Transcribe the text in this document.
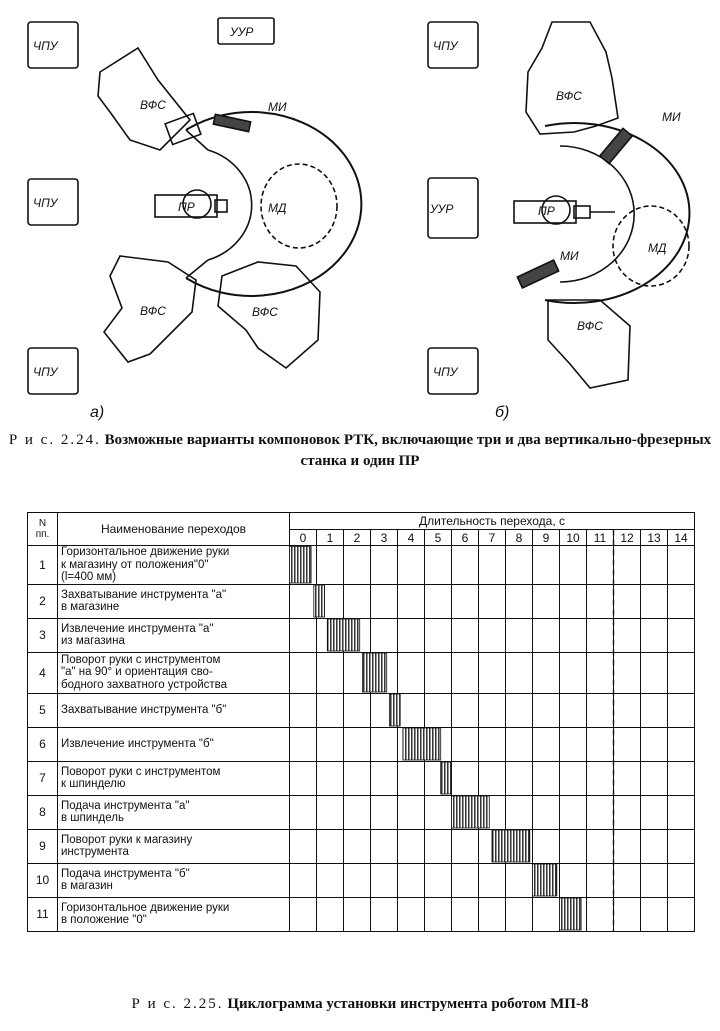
ЧПУ
ЧПУ
ЧПУ
УУР
ВФС
ВФС	ВФС
МИ
ПР	МД
а)
ЧПУ
УУР
ЧПУ
ВФС
ВФС
МИ
МИ
ПР
МД
б)
Р и с. 2.24. Возможные варианты компоновок РТК, включающие три и два вертикально-фрезерных станка и один ПР
N
пп.	Наименование переходов	Длительность перехода, с														
		0	1	2	3	4	5	6	7	8	9	10	11	12	13	14
1	Горизонтальное движение руки
к магазину от положения"0"
(l=400 мм)															
2	Захватывание инструмента "а"
в магазине															
3	Извлечение инструмента "а"
из магазина															
4	Поворот руки с инструментом
"а" на 90° и ориентация сво-
бодного захватного устройства															
5	Захватывание инструмента "б"															
6	Извлечение инструмента "б"															
7	Поворот руки с инструментом
к шпинделю															
8	Подача инструмента "а"
в шпиндель															
9	Поворот руки к магазину
инструмента															
10	Подача инструмента "б"
в магазин															
11	Горизонтальное движение руки
в положение "0"															
Р и с. 2.25. Циклограмма установки инструмента роботом МП-8
